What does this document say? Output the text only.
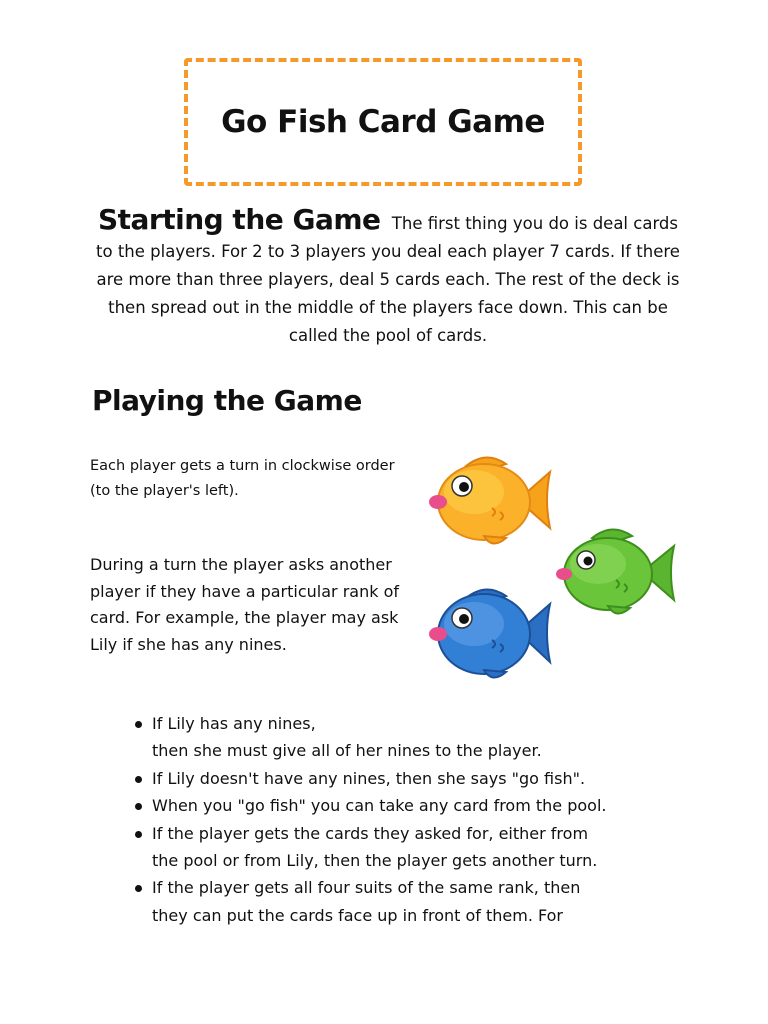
Go Fish Card Game
Starting the Game The first thing you do is deal cards to the players. For 2 to 3 players you deal each player 7 cards. If there are more than three players, deal 5 cards each. The rest of the deck is then spread out in the middle of the players face down. This can be called the pool of cards.
Playing the Game
Each player gets a turn in clockwise order (to the player's left).
During a turn the player asks another player if they have a particular rank of card. For example, the player may ask Lily if she has any nines.
If Lily has any nines,
then she must give all of her nines to the player.
If Lily doesn't have any nines, then she says "go fish".
When you "go fish" you can take any card from the pool.
If the player gets the cards they asked for, either from
the pool or from Lily, then the player gets another turn.
If the player gets all four suits of the same rank, then
they can put the cards face up in front of them. For
